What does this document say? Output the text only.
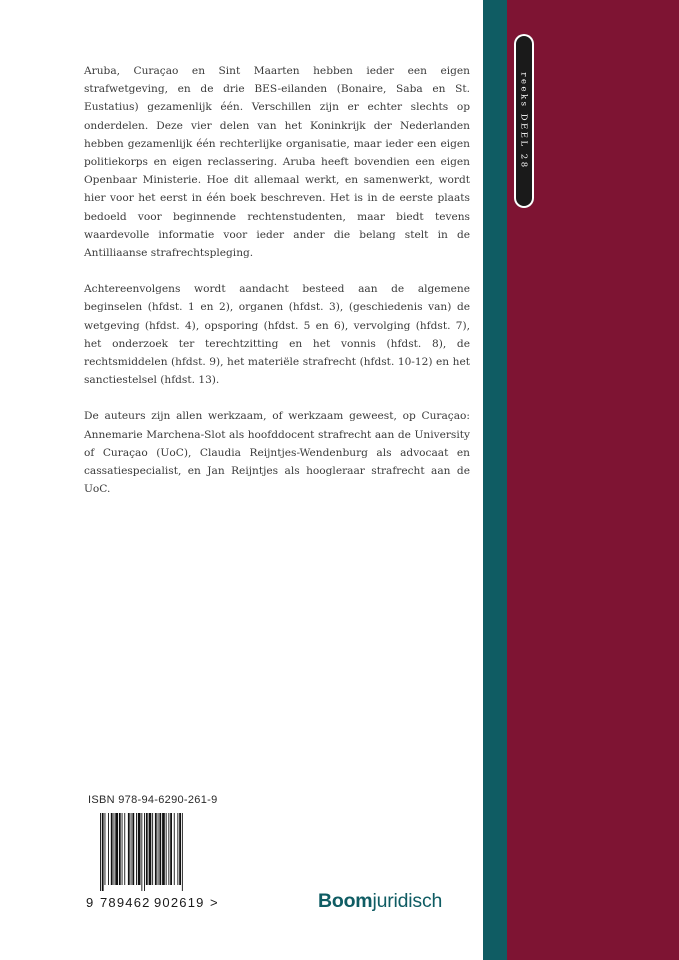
reeks DEEL 28

Aruba, Curaçao en Sint Maarten hebben ieder een eigen strafwetgeving, en de drie BES-eilanden (Bonaire, Saba en St. Eustatius) gezamenlijk één. Verschillen zijn er echter slechts op onderdelen. Deze vier delen van het Koninkrijk der Nederlanden hebben gezamenlijk één rechterlijke organisatie, maar ieder een eigen politiekorps en eigen reclassering. Aruba heeft bovendien een eigen Openbaar Ministerie. Hoe dit allemaal werkt, en samenwerkt, wordt hier voor het eerst in één boek beschreven. Het is in de eerste plaats bedoeld voor beginnende rechtenstudenten, maar biedt tevens waardevolle informatie voor ieder ander die belang stelt in de Antilliaanse strafrechtspleging.

Achtereenvolgens wordt aandacht besteed aan de algemene beginselen (hfdst. 1 en 2), organen (hfdst. 3), (geschiedenis van) de wetgeving (hfdst. 4), opsporing (hfdst. 5 en 6), vervolging (hfdst. 7), het onderzoek ter terechtzitting en het vonnis (hfdst. 8), de rechtsmiddelen (hfdst. 9), het materiële strafrecht (hfdst. 10-12) en het sanctiestelsel (hfdst. 13).

De auteurs zijn allen werkzaam, of werkzaam geweest, op Curaçao: Annemarie Marchena-Slot als hoofddocent strafrecht aan de University of Curaçao (UoC), Claudia Reijntjes-Wendenburg als advocaat en cassatiespecialist, en Jan Reijntjes als hoogleraar strafrecht aan de UoC.

ISBN 978-94-6290-261-9
9 789462 902619 >	Boomjuridisch
